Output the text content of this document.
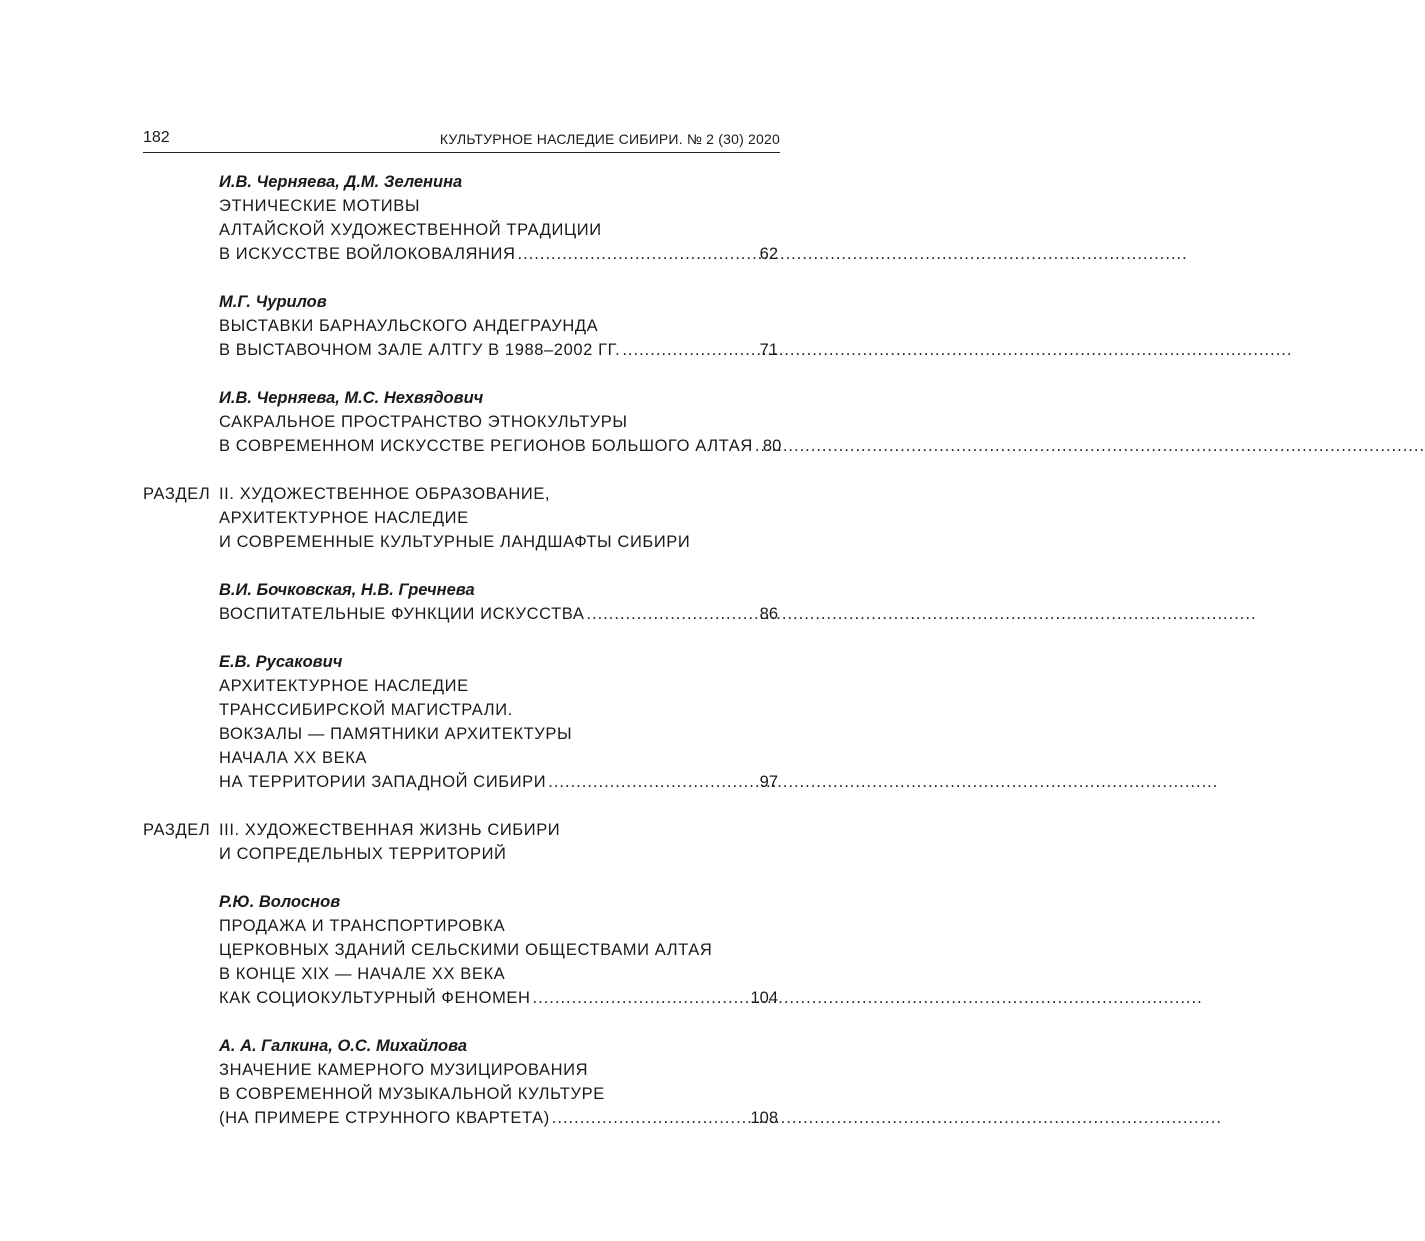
182	КУЛЬТУРНОЕ НАСЛЕДИЕ СИБИРИ. № 2 (30) 2020
И.В. Черняева, Д.М. Зеленина
ЭТНИЧЕСКИЕ МОТИВЫ
АЛТАЙСКОЙ ХУДОЖЕСТВЕННОЙ ТРАДИЦИИ
В ИСКУССТВЕ ВОЙЛОКОВАЛЯНИЯ .....	62
М.Г. Чурилов
ВЫСТАВКИ БАРНАУЛЬСКОГО АНДЕГРАУНДА
В ВЫСТАВОЧНОМ ЗАЛЕ АЛТГУ В 1988–2002 ГГ. .....	71
И.В. Черняева, М.С. Нехвядович
САКРАЛЬНОЕ ПРОСТРАНСТВО ЭТНОКУЛЬТУРЫ
В СОВРЕМЕННОМ ИСКУССТВЕ РЕГИОНОВ БОЛЬШОГО АЛТАЯ ..... 80
РАЗДЕЛ II. ХУДОЖЕСТВЕННОЕ ОБРАЗОВАНИЕ,
АРХИТЕКТУРНОЕ НАСЛЕДИЕ
И СОВРЕМЕННЫЕ КУЛЬТУРНЫЕ ЛАНДШАФТЫ СИБИРИ
В.И. Бочковская, Н.В. Гречнева
ВОСПИТАТЕЛЬНЫЕ ФУНКЦИИ ИСКУССТВА .....	86
Е.В. Русакович
АРХИТЕКТУРНОЕ НАСЛЕДИЕ
ТРАНССИБИРСКОЙ МАГИСТРАЛИ.
ВОКЗАЛЫ — ПАМЯТНИКИ АРХИТЕКТУРЫ
НАЧАЛА XX ВЕКА
НА ТЕРРИТОРИИ ЗАПАДНОЙ СИБИРИ .....	97
РАЗДЕЛ III. ХУДОЖЕСТВЕННАЯ ЖИЗНЬ СИБИРИ
И СОПРЕДЕЛЬНЫХ ТЕРРИТОРИЙ
Р.Ю. Волоснов
ПРОДАЖА И ТРАНСПОРТИРОВКА
ЦЕРКОВНЫХ ЗДАНИЙ СЕЛЬСКИМИ ОБЩЕСТВАМИ АЛТАЯ
В КОНЦЕ XIX — НАЧАЛЕ XX ВЕКА
КАК СОЦИОКУЛЬТУРНЫЙ ФЕНОМЕН .....	104
А. А. Галкина, О.С. Михайлова
ЗНАЧЕНИЕ КАМЕРНОГО МУЗИЦИРОВАНИЯ
В СОВРЕМЕННОЙ МУЗЫКАЛЬНОЙ КУЛЬТУРЕ
(НА ПРИМЕРЕ СТРУННОГО КВАРТЕТА) .....	108
